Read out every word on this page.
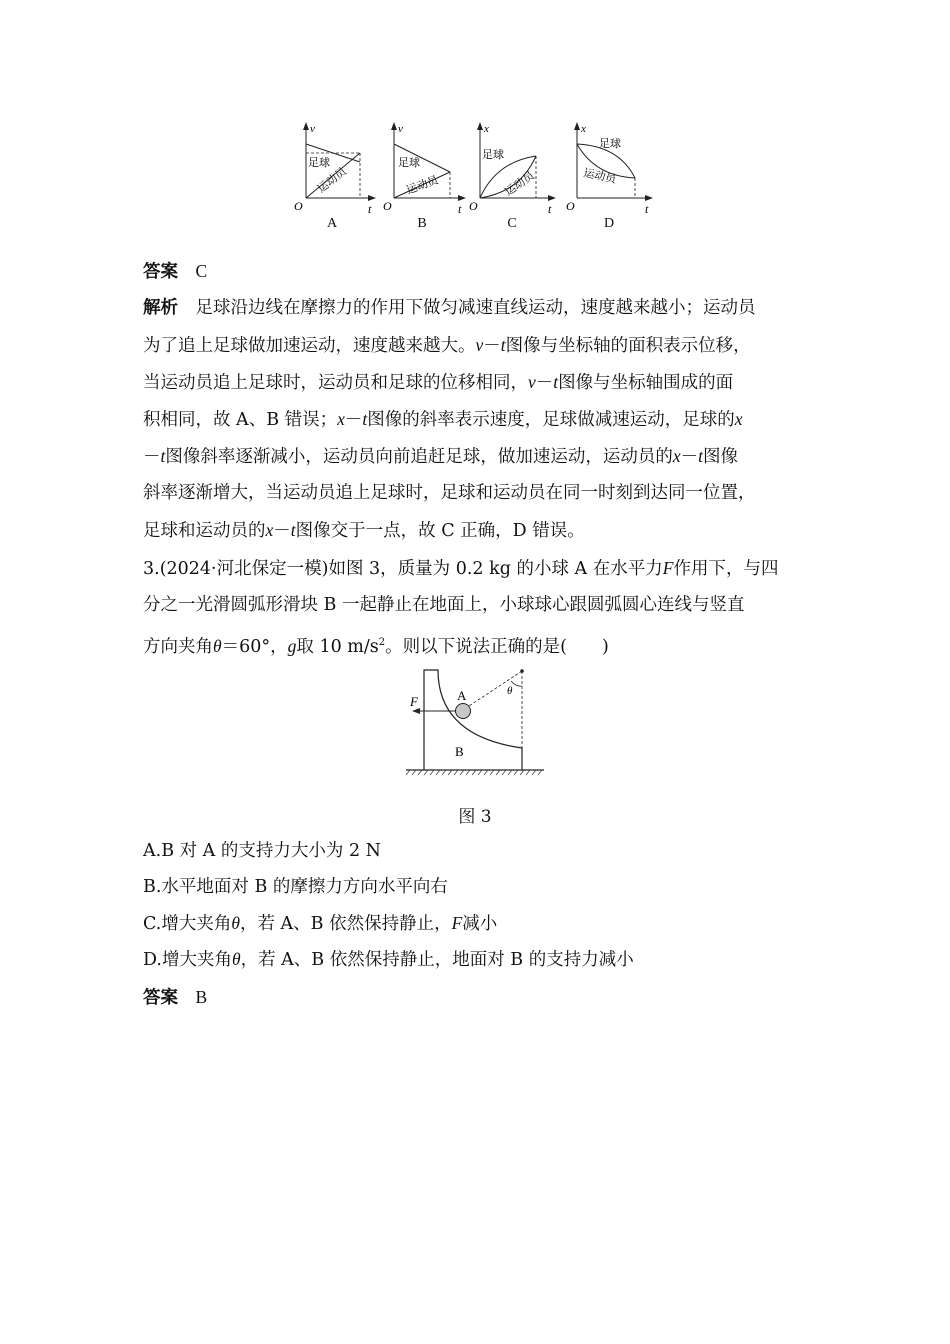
v
t
O
足球
运动员
A
v
t
O
足球
运动员
B
x
t
O
足球
运动员
C
x
t
O
足球
运动员
D
答案　 C
解析　 足球沿边线在摩擦力的作用下做匀减速直线运动，速度越来越小；运动员
为了追上足球做加速运动，速度越来越大。v－t图像与坐标轴的面积表示位移，
当运动员追上足球时，运动员和足球的位移相同，v－t图像与坐标轴围成的面
积相同，故 A、B 错误；x－t图像的斜率表示速度，足球做减速运动，足球的x
－t图像斜率逐渐减小，运动员向前追赶足球，做加速运动，运动员的x－t图像
斜率逐渐增大，当运动员追上足球时，足球和运动员在同一时刻到达同一位置，
足球和运动员的x－t图像交于一点，故 C 正确，D 错误。
3.(2024·河北保定一模)如图 3，质量为 0.2 kg 的小球 A 在水平力F作用下，与四
分之一光滑圆弧形滑块 B 一起静止在地面上，小球球心跟圆弧圆心连线与竖直
方向夹角θ＝60°，g取 10 $m/s^2$。则以下说法正确的是(　　)
F	A
B
θ
图 3
A.B 对 A 的支持力大小为 2 N
B.水平地面对 B 的摩擦力方向水平向右
C.增大夹角θ，若 A、B 依然保持静止，F减小
D.增大夹角θ，若 A、B 依然保持静止，地面对 B 的支持力减小
答案　 B
